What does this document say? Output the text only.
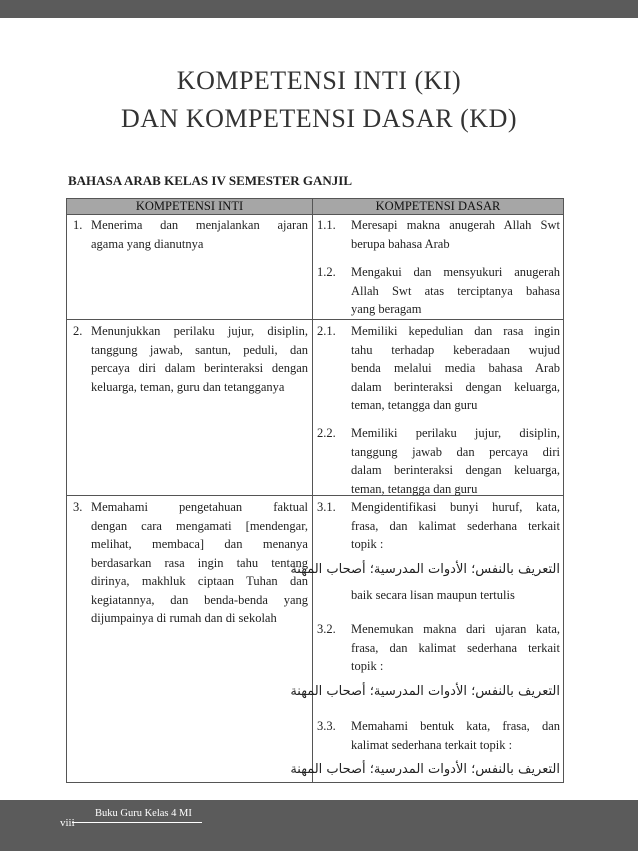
KOMPETENSI INTI (KI)
DAN KOMPETENSI DASAR (KD)
BAHASA ARAB KELAS IV SEMESTER GANJIL
KOMPETENSI INTI	KOMPETENSI DASAR
1. Menerima dan menjalankan ajaran
agama yang dianutnya
2. Menunjukkan perilaku jujur, disiplin,
tanggung jawab, santun, peduli, dan
percaya diri dalam berinteraksi dengan
keluarga, teman, guru dan tetangganya
3. Memahami pengetahuan faktual
dengan cara mengamati [mendengar,
melihat, membaca] dan menanya
berdasarkan rasa ingin tahu tentang
dirinya, makhluk ciptaan Tuhan dan
kegiatannya, dan benda-benda yang
dijumpainya di rumah dan di sekolah
1.1. Meresapi makna anugerah Allah Swt
berupa bahasa Arab
1.2. Mengakui dan mensyukuri anugerah
Allah Swt atas terciptanya bahasa
yang beragam
2.1. Memiliki kepedulian dan rasa ingin
tahu terhadap keberadaan wujud
benda melalui media bahasa Arab
dalam berinteraksi dengan keluarga,
teman, tetangga dan guru
2.2. Memiliki perilaku jujur, disiplin,
tanggung jawab dan percaya diri
dalam berinteraksi dengan keluarga,
teman, tetangga dan guru
3.1. Mengidentifikasi bunyi huruf, kata,
frasa, dan kalimat sederhana terkait
topik :
التعريف بالنفس؛ الأدوات المدرسية؛ أصحاب المهنة
baik secara lisan maupun tertulis
3.2. Menemukan makna dari ujaran kata,
frasa, dan kalimat sederhana terkait
topik :
التعريف بالنفس؛ الأدوات المدرسية؛ أصحاب المهنة
3.3. Memahami bentuk kata, frasa, dan
kalimat sederhana terkait topik :
التعريف بالنفس؛ الأدوات المدرسية؛ أصحاب المهنة
Buku Guru Kelas 4 MI
viii
